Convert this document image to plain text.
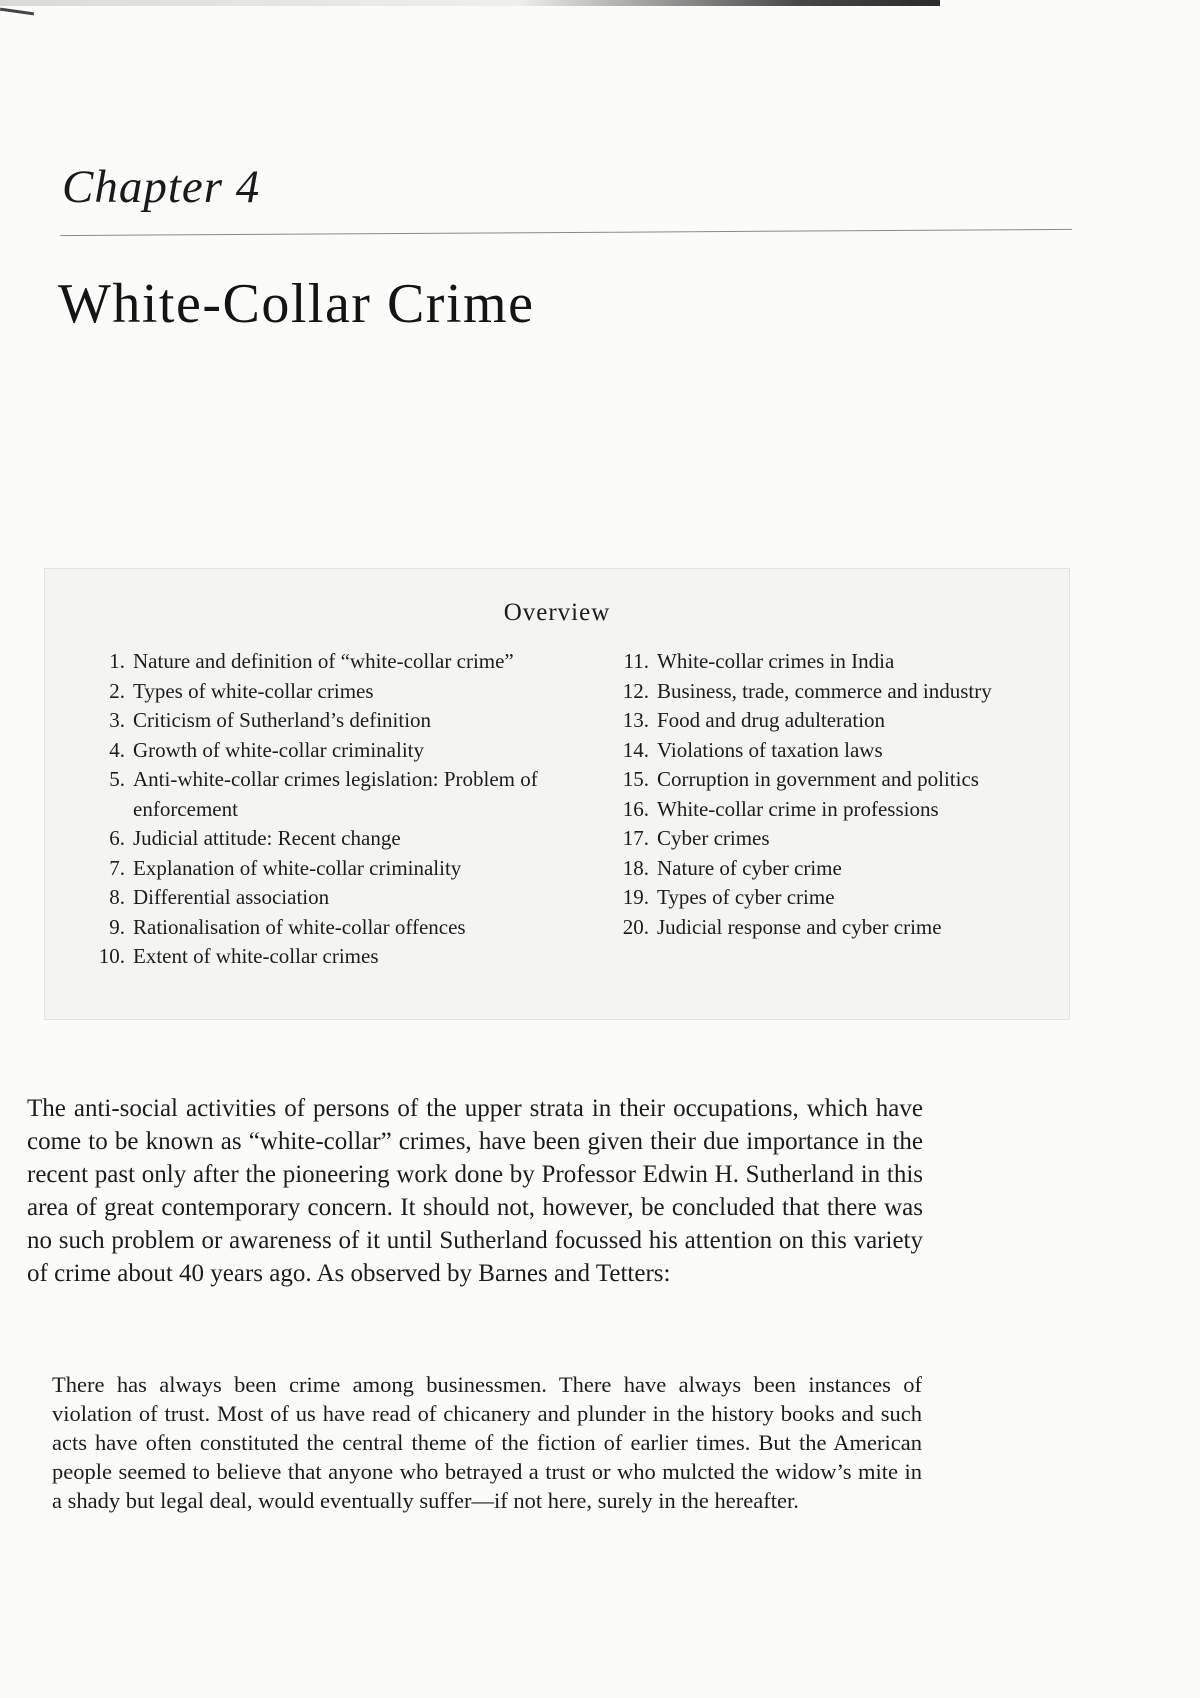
Chapter 4
White-Collar Crime
Overview
1. Nature and definition of “white-collar crime”
2. Types of white-collar crimes
3. Criticism of Sutherland’s definition
4. Growth of white-collar criminality
5. Anti-white-collar crimes legislation: Problem of enforcement
6. Judicial attitude: Recent change
7. Explanation of white-collar criminality
8. Differential association
9. Rationalisation of white-collar offences
10. Extent of white-collar crimes
11. White-collar crimes in India
12. Business, trade, commerce and industry
13. Food and drug adulteration
14. Violations of taxation laws
15. Corruption in government and politics
16. White-collar crime in professions
17. Cyber crimes
18. Nature of cyber crime
19. Types of cyber crime
20. Judicial response and cyber crime

The anti-social activities of persons of the upper strata in their occupations, which have come to be known as “white-collar” crimes, have been given their due importance in the recent past only after the pioneering work done by Professor Edwin H. Sutherland in this area of great contemporary concern. It should not, however, be concluded that there was no such problem or awareness of it until Sutherland focussed his attention on this variety of crime about 40 years ago. As observed by Barnes and Tetters:

There has always been crime among businessmen. There have always been instances of violation of trust. Most of us have read of chicanery and plunder in the history books and such acts have often constituted the central theme of the fiction of earlier times. But the American people seemed to believe that anyone who betrayed a trust or who mulcted the widow’s mite in a shady but legal deal, would eventually suffer—if not here, surely in the hereafter.
